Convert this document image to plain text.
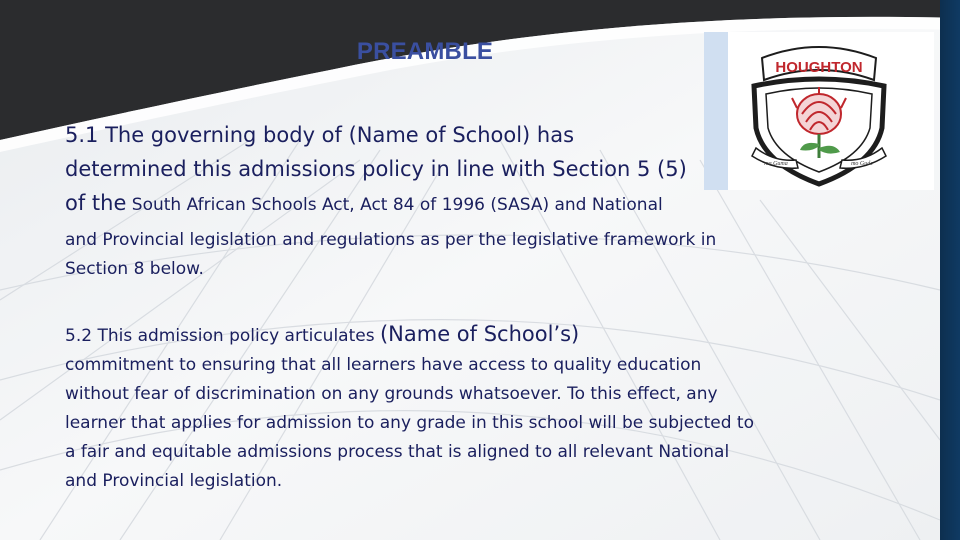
PREAMBLE
HOUGHTON
ma Guma	mo Gude

5.1 The governing body of (Name of School) has
determined this admissions policy in line with Section 5 (5)
of the South African Schools Act, Act 84 of 1996 (SASA) and National

and Provincial legislation and regulations as per the legislative framework in Section 8 below.

5.2 This admission policy articulates (Name of School’s)
commitment to ensuring that all learners have access to quality education without fear of discrimination on any grounds whatsoever. To this effect, any learner that applies for admission to any grade in this school will be subjected to a fair and equitable admissions process that is aligned to all relevant National and Provincial legislation.
